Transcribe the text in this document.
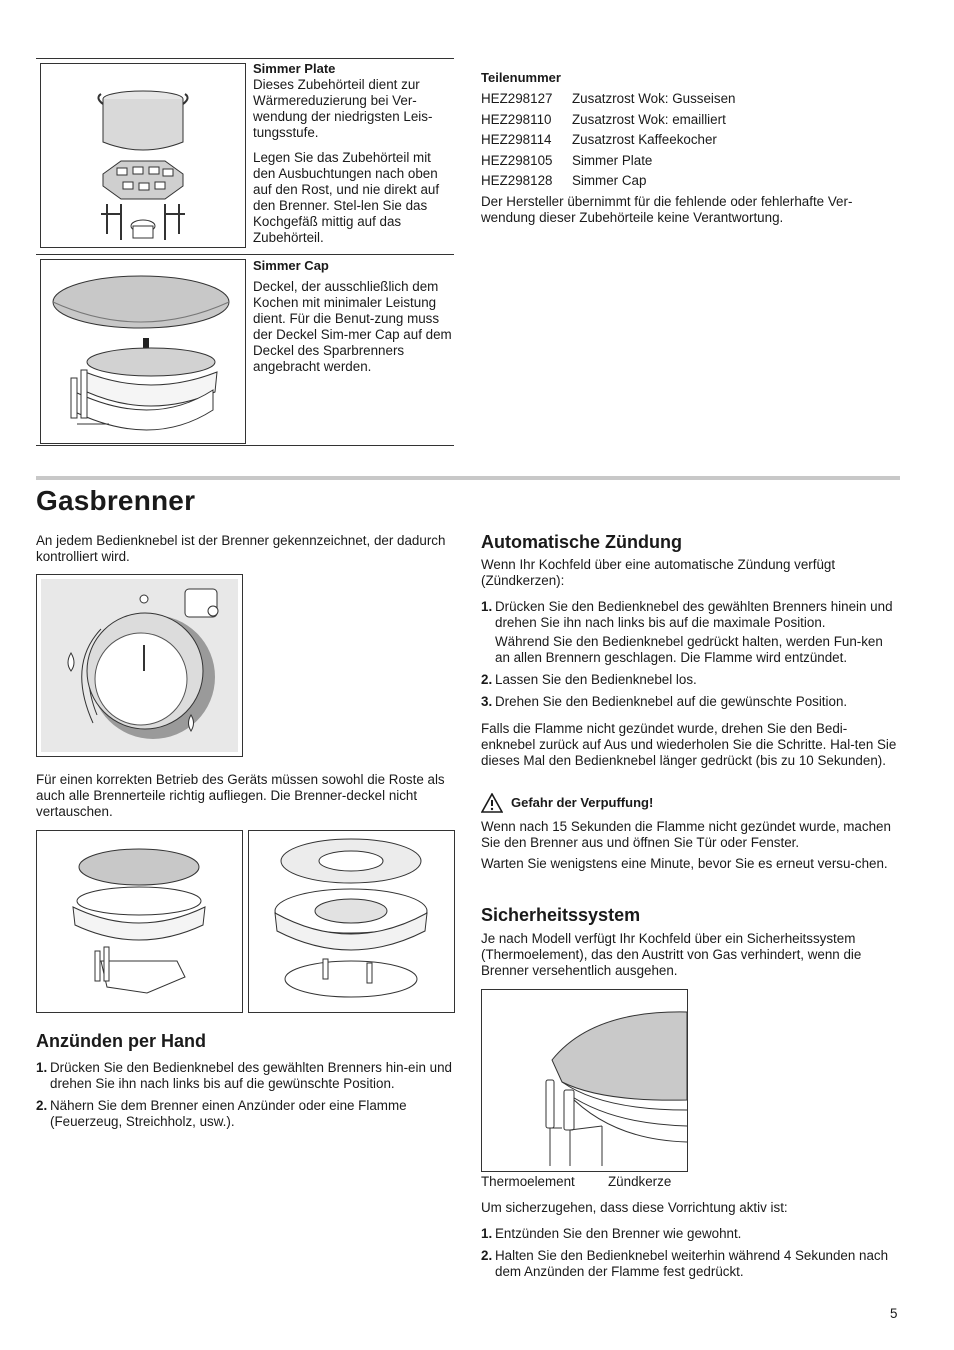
Simmer Plate

Dieses Zubehörteil dient zur Wärmereduzierung bei Ver-wendung der niedrigsten Leis-tungsstufe.

Legen Sie das Zubehörteil mit den Ausbuchtungen nach oben auf den Rost, und nie direkt auf den Brenner. Stel-len Sie das Kochgefäß mittig auf das Zubehörteil.

Simmer Cap

Deckel, der ausschließlich dem Kochen mit minimaler Leistung dient. Für die Benut-zung muss der Deckel Sim-mer Cap auf dem Deckel des Sparbrenners angebracht werden.

Teilenummer
HEZ298127	Zusatzrost Wok: Gusseisen
HEZ298110	Zusatzrost Wok: emailliert
HEZ298114	Zusatzrost Kaffeekocher
HEZ298105	Simmer Plate
HEZ298128	Simmer Cap

Der Hersteller übernimmt für die fehlende oder fehlerhafte Ver-wendung dieser Zubehörteile keine Verantwortung.

Gasbrenner

An jedem Bedienknebel ist der Brenner gekennzeichnet, der dadurch kontrolliert wird.

Für einen korrekten Betrieb des Geräts müssen sowohl die Roste als auch alle Brennerteile richtig aufliegen. Die Brenner-deckel nicht vertauschen.

Anzünden per Hand
1. Drücken Sie den Bedienknebel des gewählten Brenners hin-ein und drehen Sie ihn nach links bis auf die gewünschte Position.
2. Nähern Sie dem Brenner einen Anzünder oder eine Flamme (Feuerzeug, Streichholz, usw.).
Automatische Zündung

Wenn Ihr Kochfeld über eine automatische Zündung verfügt (Zündkerzen):

1. Drücken Sie den Bedienknebel des gewählten Brenners hinein und drehen Sie ihn nach links bis auf die maximale Position.
Während Sie den Bedienknebel gedrückt halten, werden Fun-ken an allen Brennern geschlagen. Die Flamme wird entzündet.
2. Lassen Sie den Bedienknebel los.
3. Drehen Sie den Bedienknebel auf die gewünschte Position.

Falls die Flamme nicht gezündet wurde, drehen Sie den Bedi-enknebel zurück auf Aus und wiederholen Sie die Schritte. Hal-ten Sie dieses Mal den Bedienknebel länger gedrückt (bis zu 10 Sekunden).

Gefahr der Verpuffung!

Wenn nach 15 Sekunden die Flamme nicht gezündet wurde, machen Sie den Brenner aus und öffnen Sie Tür oder Fenster.

Warten Sie wenigstens eine Minute, bevor Sie es erneut versu-chen.

Sicherheitssystem

Je nach Modell verfügt Ihr Kochfeld über ein Sicherheitssystem (Thermoelement), das den Austritt von Gas verhindert, wenn die Brenner versehentlich ausgehen.

Thermoelement Zündkerze

Um sicherzugehen, dass diese Vorrichtung aktiv ist:

1. Entzünden Sie den Brenner wie gewohnt.
2. Halten Sie den Bedienknebel weiterhin während 4 Sekunden nach dem Anzünden der Flamme fest gedrückt.
5
